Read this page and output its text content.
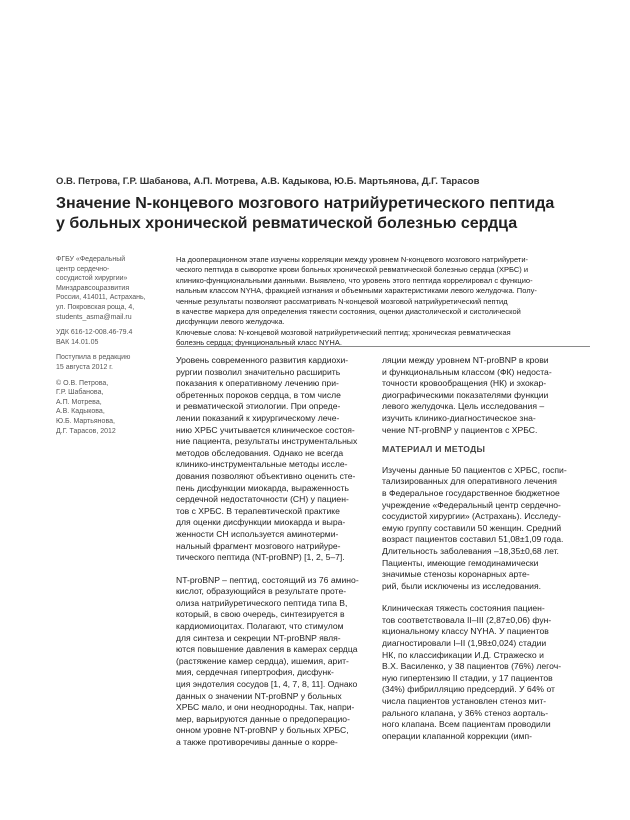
О.В. Петрова, Г.Р. Шабанова, А.П. Мотрева, А.В. Кадыкова, Ю.Б. Мартьянова, Д.Г. Тарасов
Значение N-концевого мозгового натрийуретического пептида
у больных хронической ревматической болезнью сердца
ФГБУ «Федеральный
центр сердечно-
сосудистой хирургии»
Минздравсоцразвития
России, 414011, Астрахань,
ул. Покровская роща, 4,
students_asma@mail.ru
УДК 616-12-008.46-79.4
ВАК 14.01.05
Поступила в редакцию
15 августа 2012 г.
© О.В. Петрова,
Г.Р. Шабанова,
А.П. Мотрева,
А.В. Кадыкова,
Ю.Б. Мартьянова,
Д.Г. Тарасов, 2012
На дооперационном этапе изучены корреляции между уровнем N-концевого мозгового натрийурети-
ческого пептида в сыворотке крови больных хронической ревматической болезнью сердца (ХРБС) и
клинико-функциональными данными. Выявлено, что уровень этого пептида коррелировал с функцио-
нальным классом NYHA, фракцией изгнания и объемными характеристиками левого желудочка. Полу-
ченные результаты позволяют рассматривать N-концевой мозговой натрийуретический пептид
в качестве маркера для определения тяжести состояния, оценки диастолической и систолической
дисфункции левого желудочка.
Ключевые слова: N-концевой мозговой натрийуретический пептид; хроническая ревматическая
болезнь сердца; функциональный класс NYHA.
Уровень современного развития кардиохи-
рургии позволил значительно расширить
показания к оперативному лечению при-
обретенных пороков сердца, в том числе
и ревматической этиологии. При опреде-
лении показаний к хирургическому лече-
нию ХРБС учитывается клиническое состоя-
ние пациента, результаты инструментальных
методов обследования. Однако не всегда
клинико-инструментальные методы иссле-
дования позволяют объективно оценить сте-
пень дисфункции миокарда, выраженность
сердечной недостаточности (СН) у пациен-
тов с ХРБС. В терапевтической практике
для оценки дисфункции миокарда и выра-
женности СН используется аминотерми-
нальный фрагмент мозгового натрийуре-
тического пептида (NT-proBNP) [1, 2, 5–7].
NT-proBNP – пептид, состоящий из 76 амино-
кислот, образующийся в результате проте-
олиза натрийуретического пептида типа B,
который, в свою очередь, синтезируется в
кардиомиоцитах. Полагают, что стимулом
для синтеза и секреции NT-proBNP явля-
ются повышение давления в камерах сердца
(растяжение камер сердца), ишемия, арит-
мия, сердечная гипертрофия, дисфунк-
ция эндотелия сосудов [1, 4, 7, 8, 11]. Однако
данных о значении NT-proBNP у больных
ХРБС мало, и они неоднородны. Так, напри-
мер, варьируются данные о предоперацио-
онном уровне NT-proBNP у больных ХРБС,
а также противоречивы данные о корре-
ляции между уровнем NT-proBNP в крови
и функциональным классом (ФК) недоста-
точности кровообращения (НК) и эхокар-
диографическими показателями функции
левого желудочка. Цель исследования –
изучить клинико-диагностическое зна-
чение NT-proBNP у пациентов с ХРБС.
МАТЕРИАЛ И МЕТОДЫ
Изучены данные 50 пациентов с ХРБС, госпи-
тализированных для оперативного лечения
в Федеральное государственное бюджетное
учреждение «Федеральный центр сердечно-
сосудистой хирургии» (Астрахань). Исследу-
емую группу составили 50 женщин. Средний
возраст пациентов составил 51,08±1,09 года.
Длительность заболевания –18,35±0,68 лет.
Пациенты, имеющие гемодинамически
значимые стенозы коронарных арте-
рий, были исключены из исследования.
Клиническая тяжесть состояния пациен-
тов соответствовала II–III (2,87±0,06) фун-
кциональному классу NYHA. У пациентов
диагностировали I–II (1,98±0,024) стадии
НК, по классификации И.Д. Стражеско и
В.Х. Василенко, у 38 пациентов (76%) легоч-
ную гипертензию II стадии, у 17 пациентов
(34%) фибрилляцию предсердий. У 64% от
числа пациентов установлен стеноз мит-
рального клапана, у 36% стеноз аорталь-
ного клапана. Всем пациентам проводили
операции клапанной коррекции (имп-
